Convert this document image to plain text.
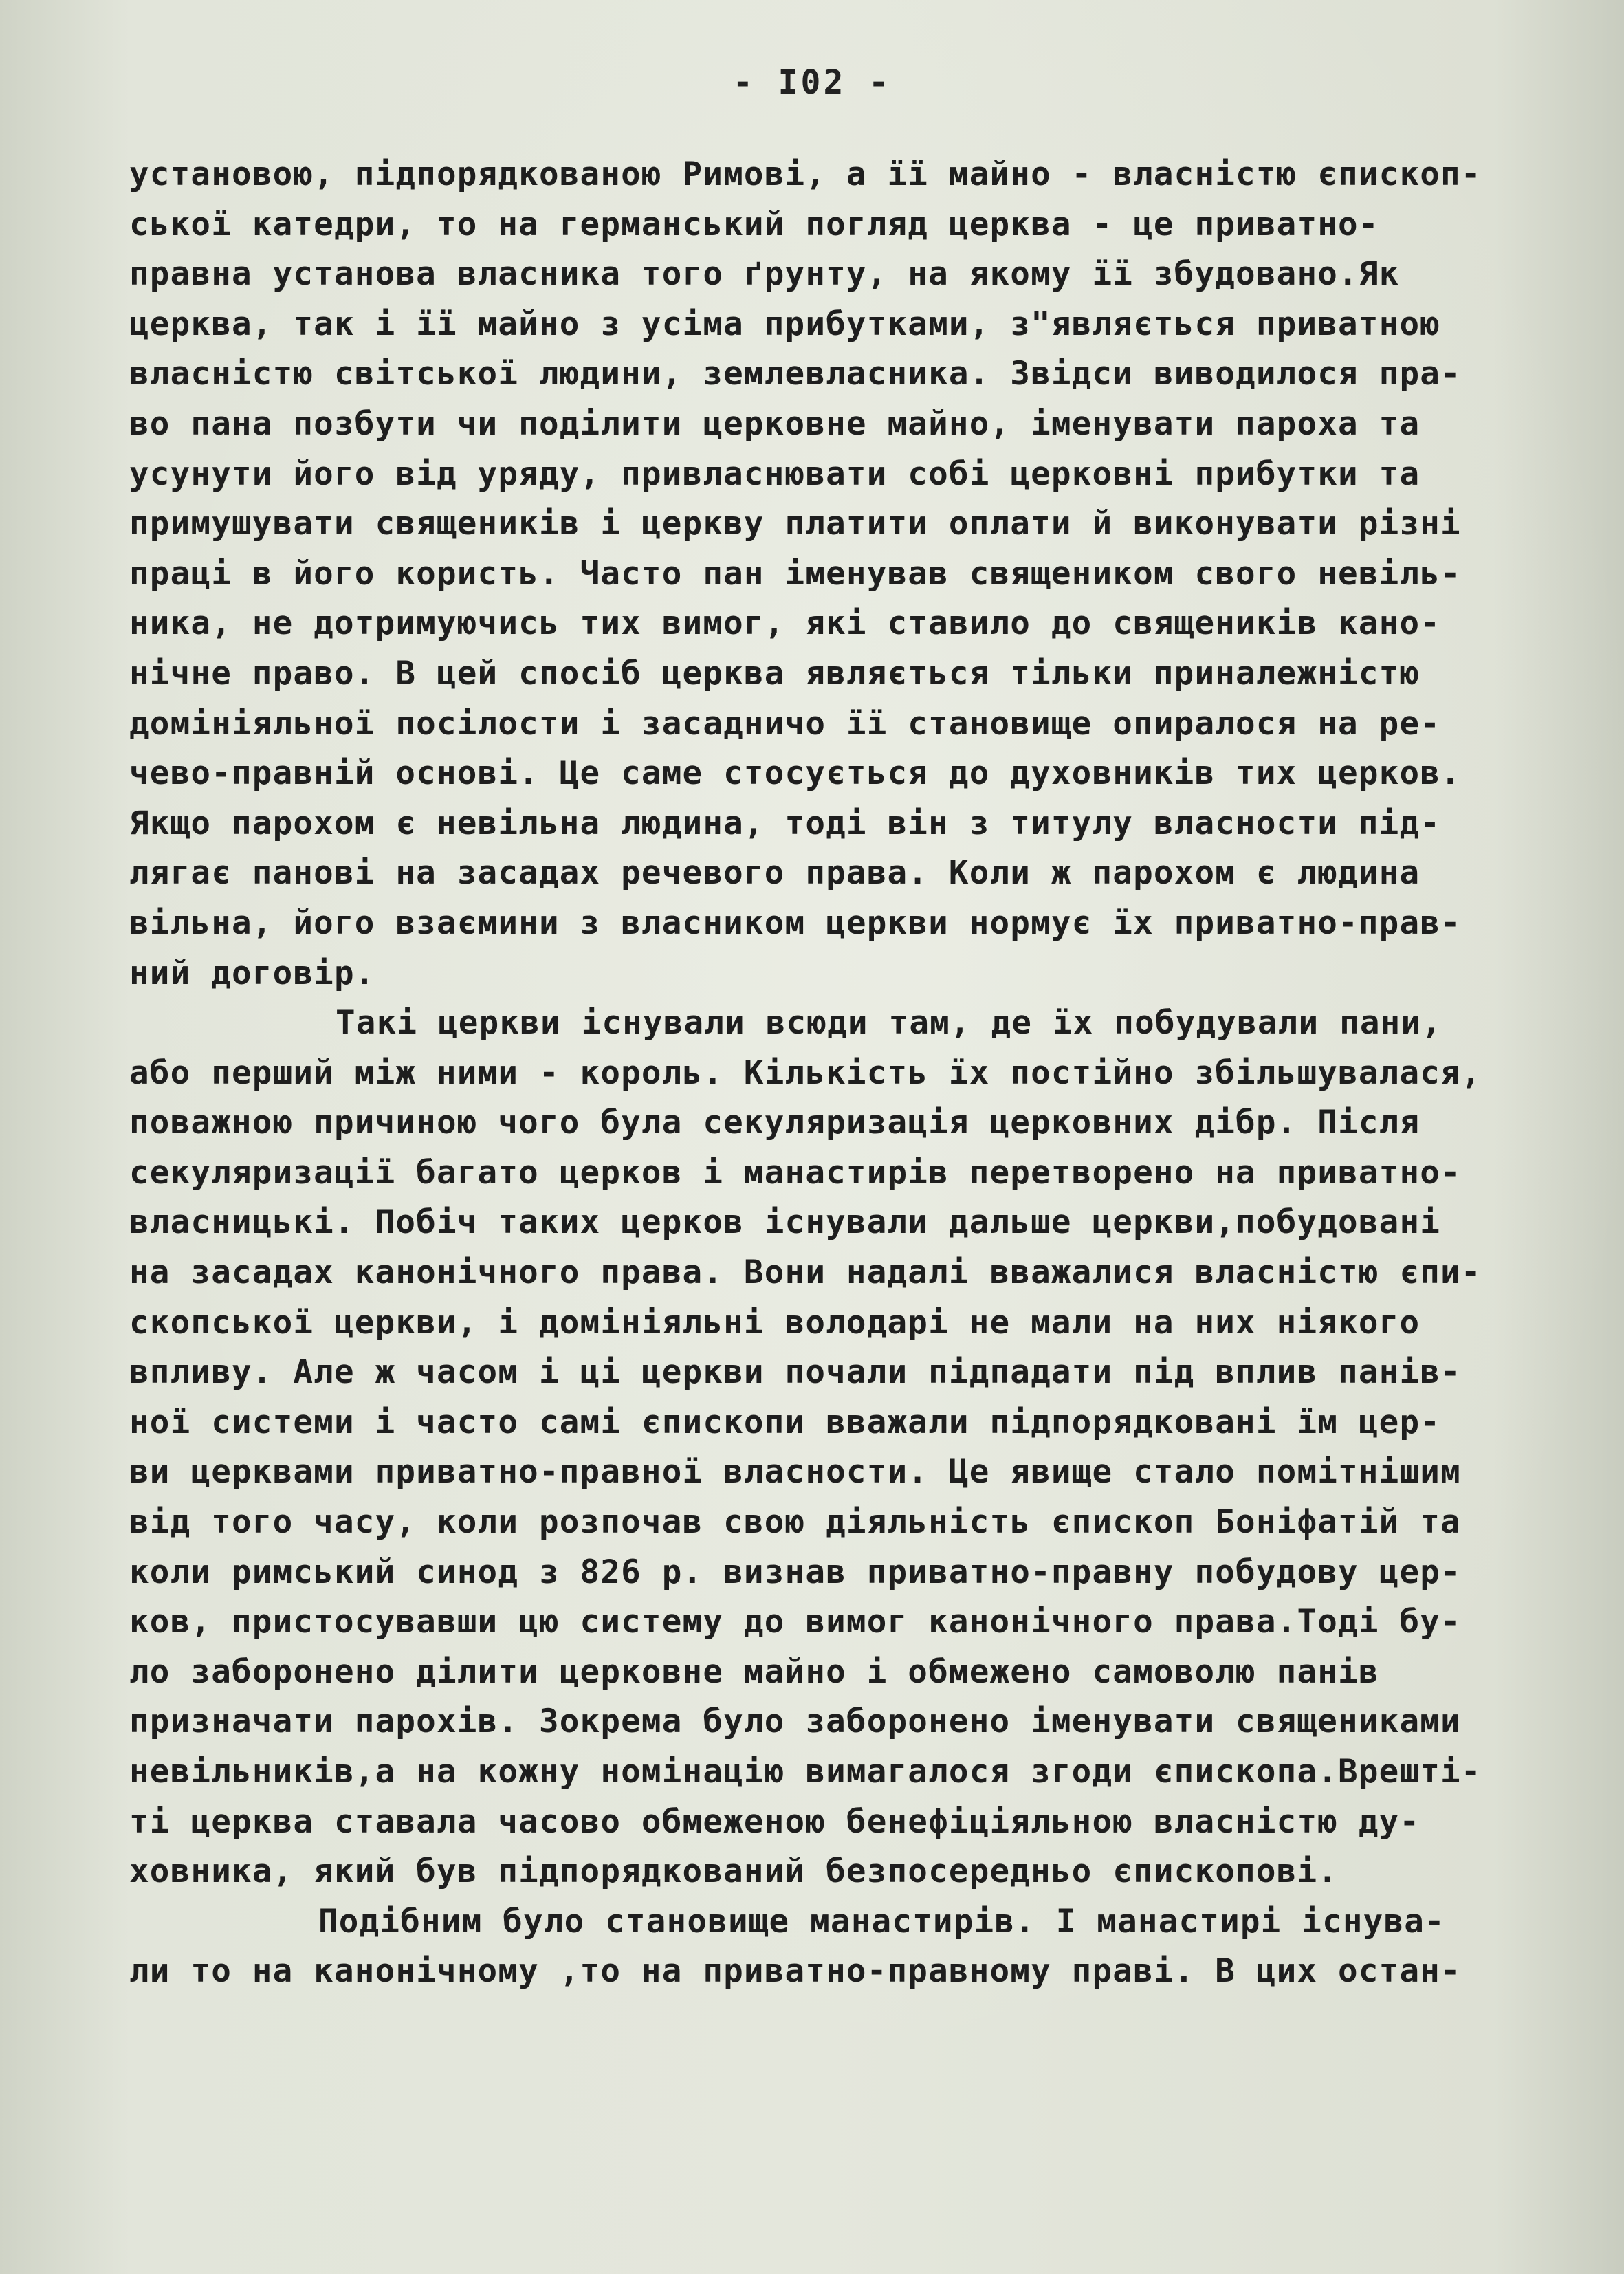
- I02 -
установою, підпорядкованою Римові, а її майно - власністю єпископ-
ської катедри, то на германський погляд церква - це приватно-
правна установа власника того ґрунту, на якому її збудовано.Як
церква, так і її майно з усіма прибутками, з"являється приватною
власністю світської людини, землевласника. Звідси виводилося пра-
во пана позбути чи поділити церковне майно, іменувати пароха та
усунути його від уряду, привласнювати собі церковні прибутки та
примушувати священиків і церкву платити оплати й виконувати різні
праці в його користь. Часто пан іменував священиком свого невіль-
ника, не дотримуючись тих вимог, які ставило до священиків кано-
нічне право. В цей спосіб церква являється тільки приналежністю
домініяльної посілости і засадничо її становище опиралося на ре-
чево-правній основі. Це саме стосується до духовників тих церков.
Якщо парохом є невільна людина, тоді він з титулу власности під-
лягає панові на засадах речевого права. Коли ж парохом є людина
вільна, його взаємини з власником церкви нормує їх приватно-прав-
ний договір.
Такі церкви існували всюди там, де їх побудували пани,
або перший між ними - король. Кількість їх постійно збільшувалася,
поважною причиною чого була секуляризація церковних дібр. Після
секуляризації багато церков і манастирів перетворено на приватно-
власницькі. Побіч таких церков існували дальше церкви,побудовані
на засадах канонічного права. Вони надалі вважалися власністю єпи-
скопської церкви, і домініяльні володарі не мали на них ніякого
впливу. Але ж часом і ці церкви почали підпадати під вплив панів-
ної системи і часто самі єпископи вважали підпорядковані їм цер-
ви церквами приватно-правної власности. Це явище стало помітнішим
від того часу, коли розпочав свою діяльність єпископ Боніфатій та
коли римський синод з 826 р. визнав приватно-правну побудову цер-
ков, пристосувавши цю систему до вимог канонічного права.Тоді бу-
ло заборонено ділити церковне майно і обмежено самоволю панів
призначати парохів. Зокрема було заборонено іменувати священиками
невільників,а на кожну номінацію вимагалося згоди єпископа.Врешті-
ті церква ставала часово обмеженою бенефіціяльною власністю ду-
ховника, який був підпорядкований безпосередньо єпископові.
Подібним було становище манастирів. І манастирі існува-
ли то на канонічному ,то на приватно-правному праві. В цих остан-
